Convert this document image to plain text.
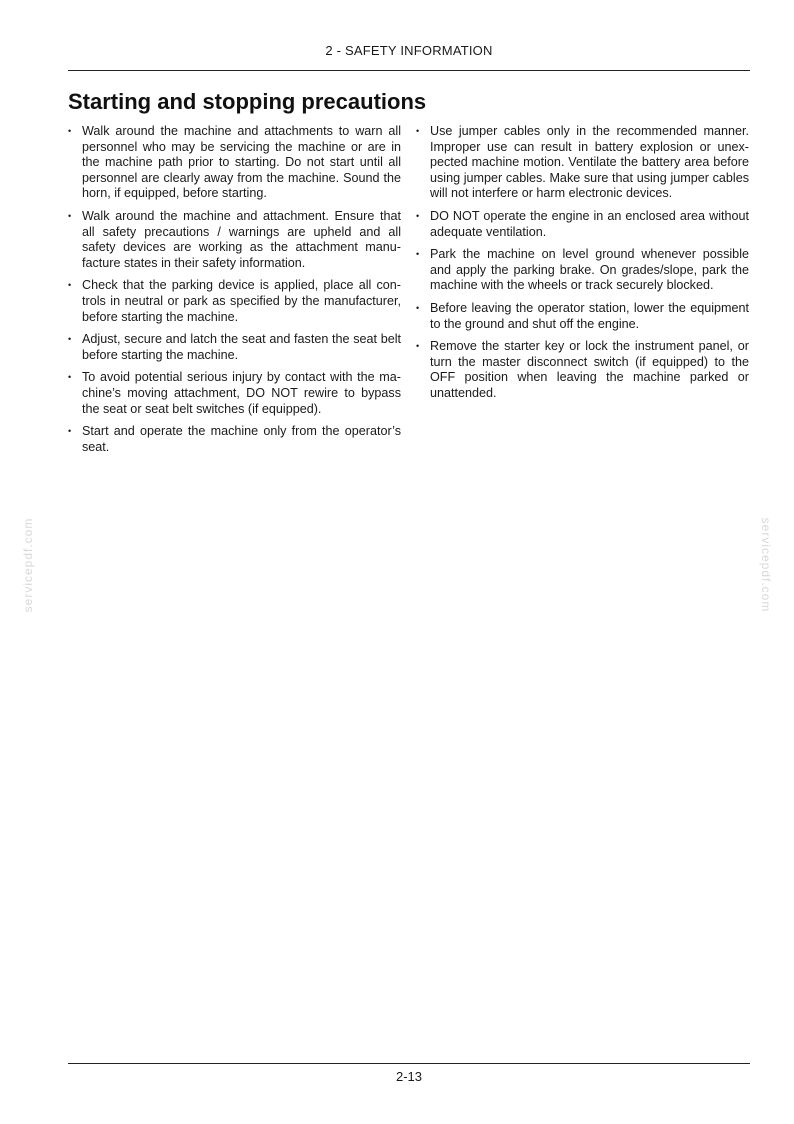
2 - SAFETY INFORMATION
Starting and stopping precautions
• Walk around the machine and attachments to warn all personnel who may be servicing the machine or are in the machine path prior to starting. Do not start until all personnel are clearly away from the machine. Sound the horn, if equipped, before starting.
• Walk around the machine and attachment. Ensure that all safety precautions / warnings are upheld and all safety devices are working as the attachment manufacture states in their safety information.
• Check that the parking device is applied, place all controls in neutral or park as specified by the manufacturer, before starting the machine.
• Adjust, secure and latch the seat and fasten the seat belt before starting the machine.
• To avoid potential serious injury by contact with the machine’s moving attachment, DO NOT rewire to bypass the seat or seat belt switches (if equipped).
• Start and operate the machine only from the operator’s seat.
• Use jumper cables only in the recommended manner. Improper use can result in battery explosion or unexpected machine motion. Ventilate the battery area before using jumper cables. Make sure that using jumper cables will not interfere or harm electronic devices.
• DO NOT operate the engine in an enclosed area without adequate ventilation.
• Park the machine on level ground whenever possible and apply the parking brake. On grades/slope, park the machine with the wheels or track securely blocked.
• Before leaving the operator station, lower the equipment to the ground and shut off the engine.
• Remove the starter key or lock the instrument panel, or turn the master disconnect switch (if equipped) to the OFF position when leaving the machine parked or unattended.
servicepdf.com	servicepdf.com
2-13
